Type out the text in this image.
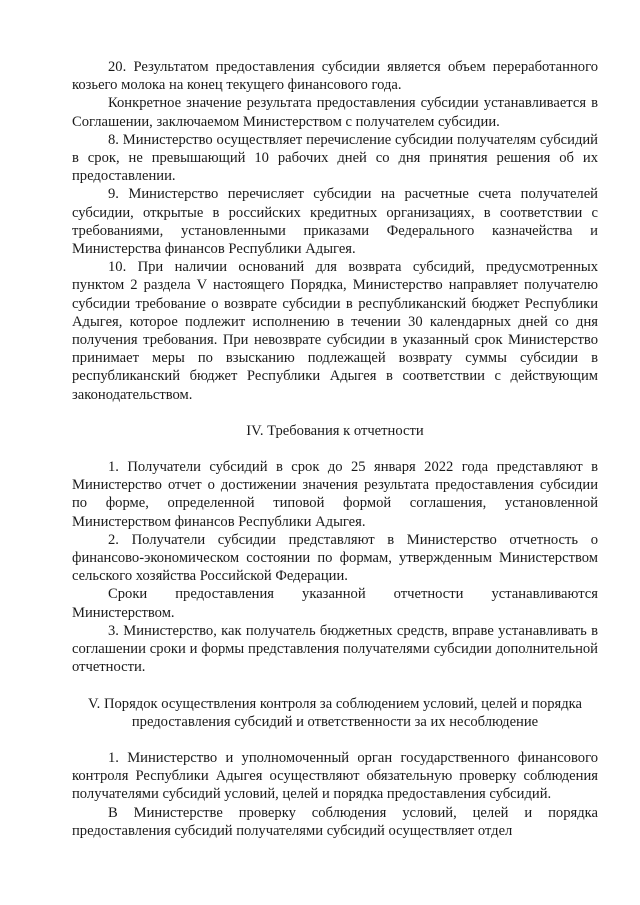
20. Результатом предоставления субсидии является объем переработанного козьего молока на конец текущего финансового года.

Конкретное значение результата предоставления субсидии устанавливается в Соглашении, заключаемом Министерством с получателем субсидии.

8. Министерство осуществляет перечисление субсидии получателям субсидий в срок, не превышающий 10 рабочих дней со дня принятия решения об их предоставлении.

9. Министерство перечисляет субсидии на расчетные счета получателей субсидии, открытые в российских кредитных организациях, в соответствии с требованиями, установленными приказами Федерального казначейства и Министерства финансов Республики Адыгея.

10. При наличии оснований для возврата субсидий, предусмотренных пунктом 2 раздела V настоящего Порядка, Министерство направляет получателю субсидии требование о возврате субсидии в республиканский бюджет Республики Адыгея, которое подлежит исполнению в течении 30 календарных дней со дня получения требования. При невозврате субсидии в указанный срок Министерство принимает меры по взысканию подлежащей возврату суммы субсидии в республиканский бюджет Республики Адыгея в соответствии с действующим законодательством.

IV. Требования к отчетности

1. Получатели субсидий в срок до 25 января 2022 года представляют в Министерство отчет о достижении значения результата предоставления субсидии по форме, определенной типовой формой соглашения, установленной Министерством финансов Республики Адыгея.

2. Получатели субсидии представляют в Министерство отчетность о финансово-экономическом состоянии по формам, утвержденным Министерством сельского хозяйства Российской Федерации.

Сроки предоставления указанной отчетности устанавливаются Министерством.

3. Министерство, как получатель бюджетных средств, вправе устанавливать в соглашении сроки и формы представления получателями субсидии дополнительной отчетности.

V. Порядок осуществления контроля за соблюдением условий, целей и порядка предоставления субсидий и ответственности за их несоблюдение

1. Министерство и уполномоченный орган государственного финансового контроля Республики Адыгея осуществляют обязательную проверку соблюдения получателями субсидий условий, целей и порядка предоставления субсидий.

В Министерстве проверку соблюдения условий, целей и порядка предоставления субсидий получателями субсидий осуществляет отдел
